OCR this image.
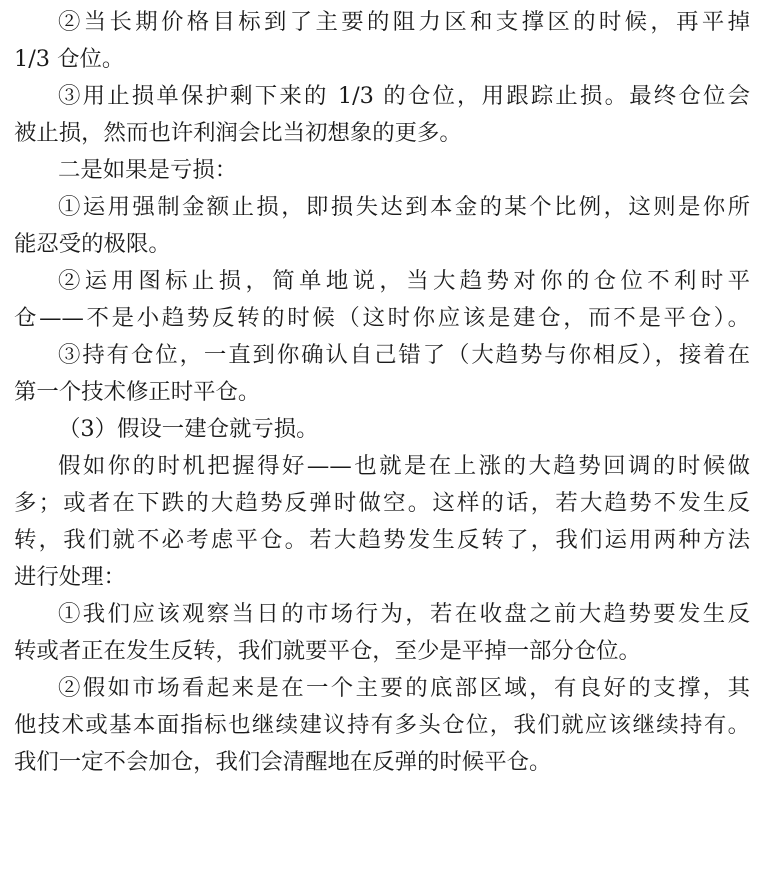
②当长期价格目标到了主要的阻力区和支撑区的时候，再平掉
1/3 仓位。
③用止损单保护剩下来的 1/3 的仓位，用跟踪止损。最终仓位会
被止损，然而也许利润会比当初想象的更多。
二是如果是亏损：
①运用强制金额止损，即损失达到本金的某个比例，这则是你所
能忍受的极限。
②运用图标止损，简单地说，当大趋势对你的仓位不利时平
仓——不是小趋势反转的时候（这时你应该是建仓，而不是平仓）。
③持有仓位，一直到你确认自己错了（大趋势与你相反），接着在
第一个技术修正时平仓。
（3）假设一建仓就亏损。
假如你的时机把握得好——也就是在上涨的大趋势回调的时候做
多；或者在下跌的大趋势反弹时做空。这样的话，若大趋势不发生反
转，我们就不必考虑平仓。若大趋势发生反转了，我们运用两种方法
进行处理：
①我们应该观察当日的市场行为，若在收盘之前大趋势要发生反
转或者正在发生反转，我们就要平仓，至少是平掉一部分仓位。
②假如市场看起来是在一个主要的底部区域，有良好的支撑，其
他技术或基本面指标也继续建议持有多头仓位，我们就应该继续持有。
我们一定不会加仓，我们会清醒地在反弹的时候平仓。
